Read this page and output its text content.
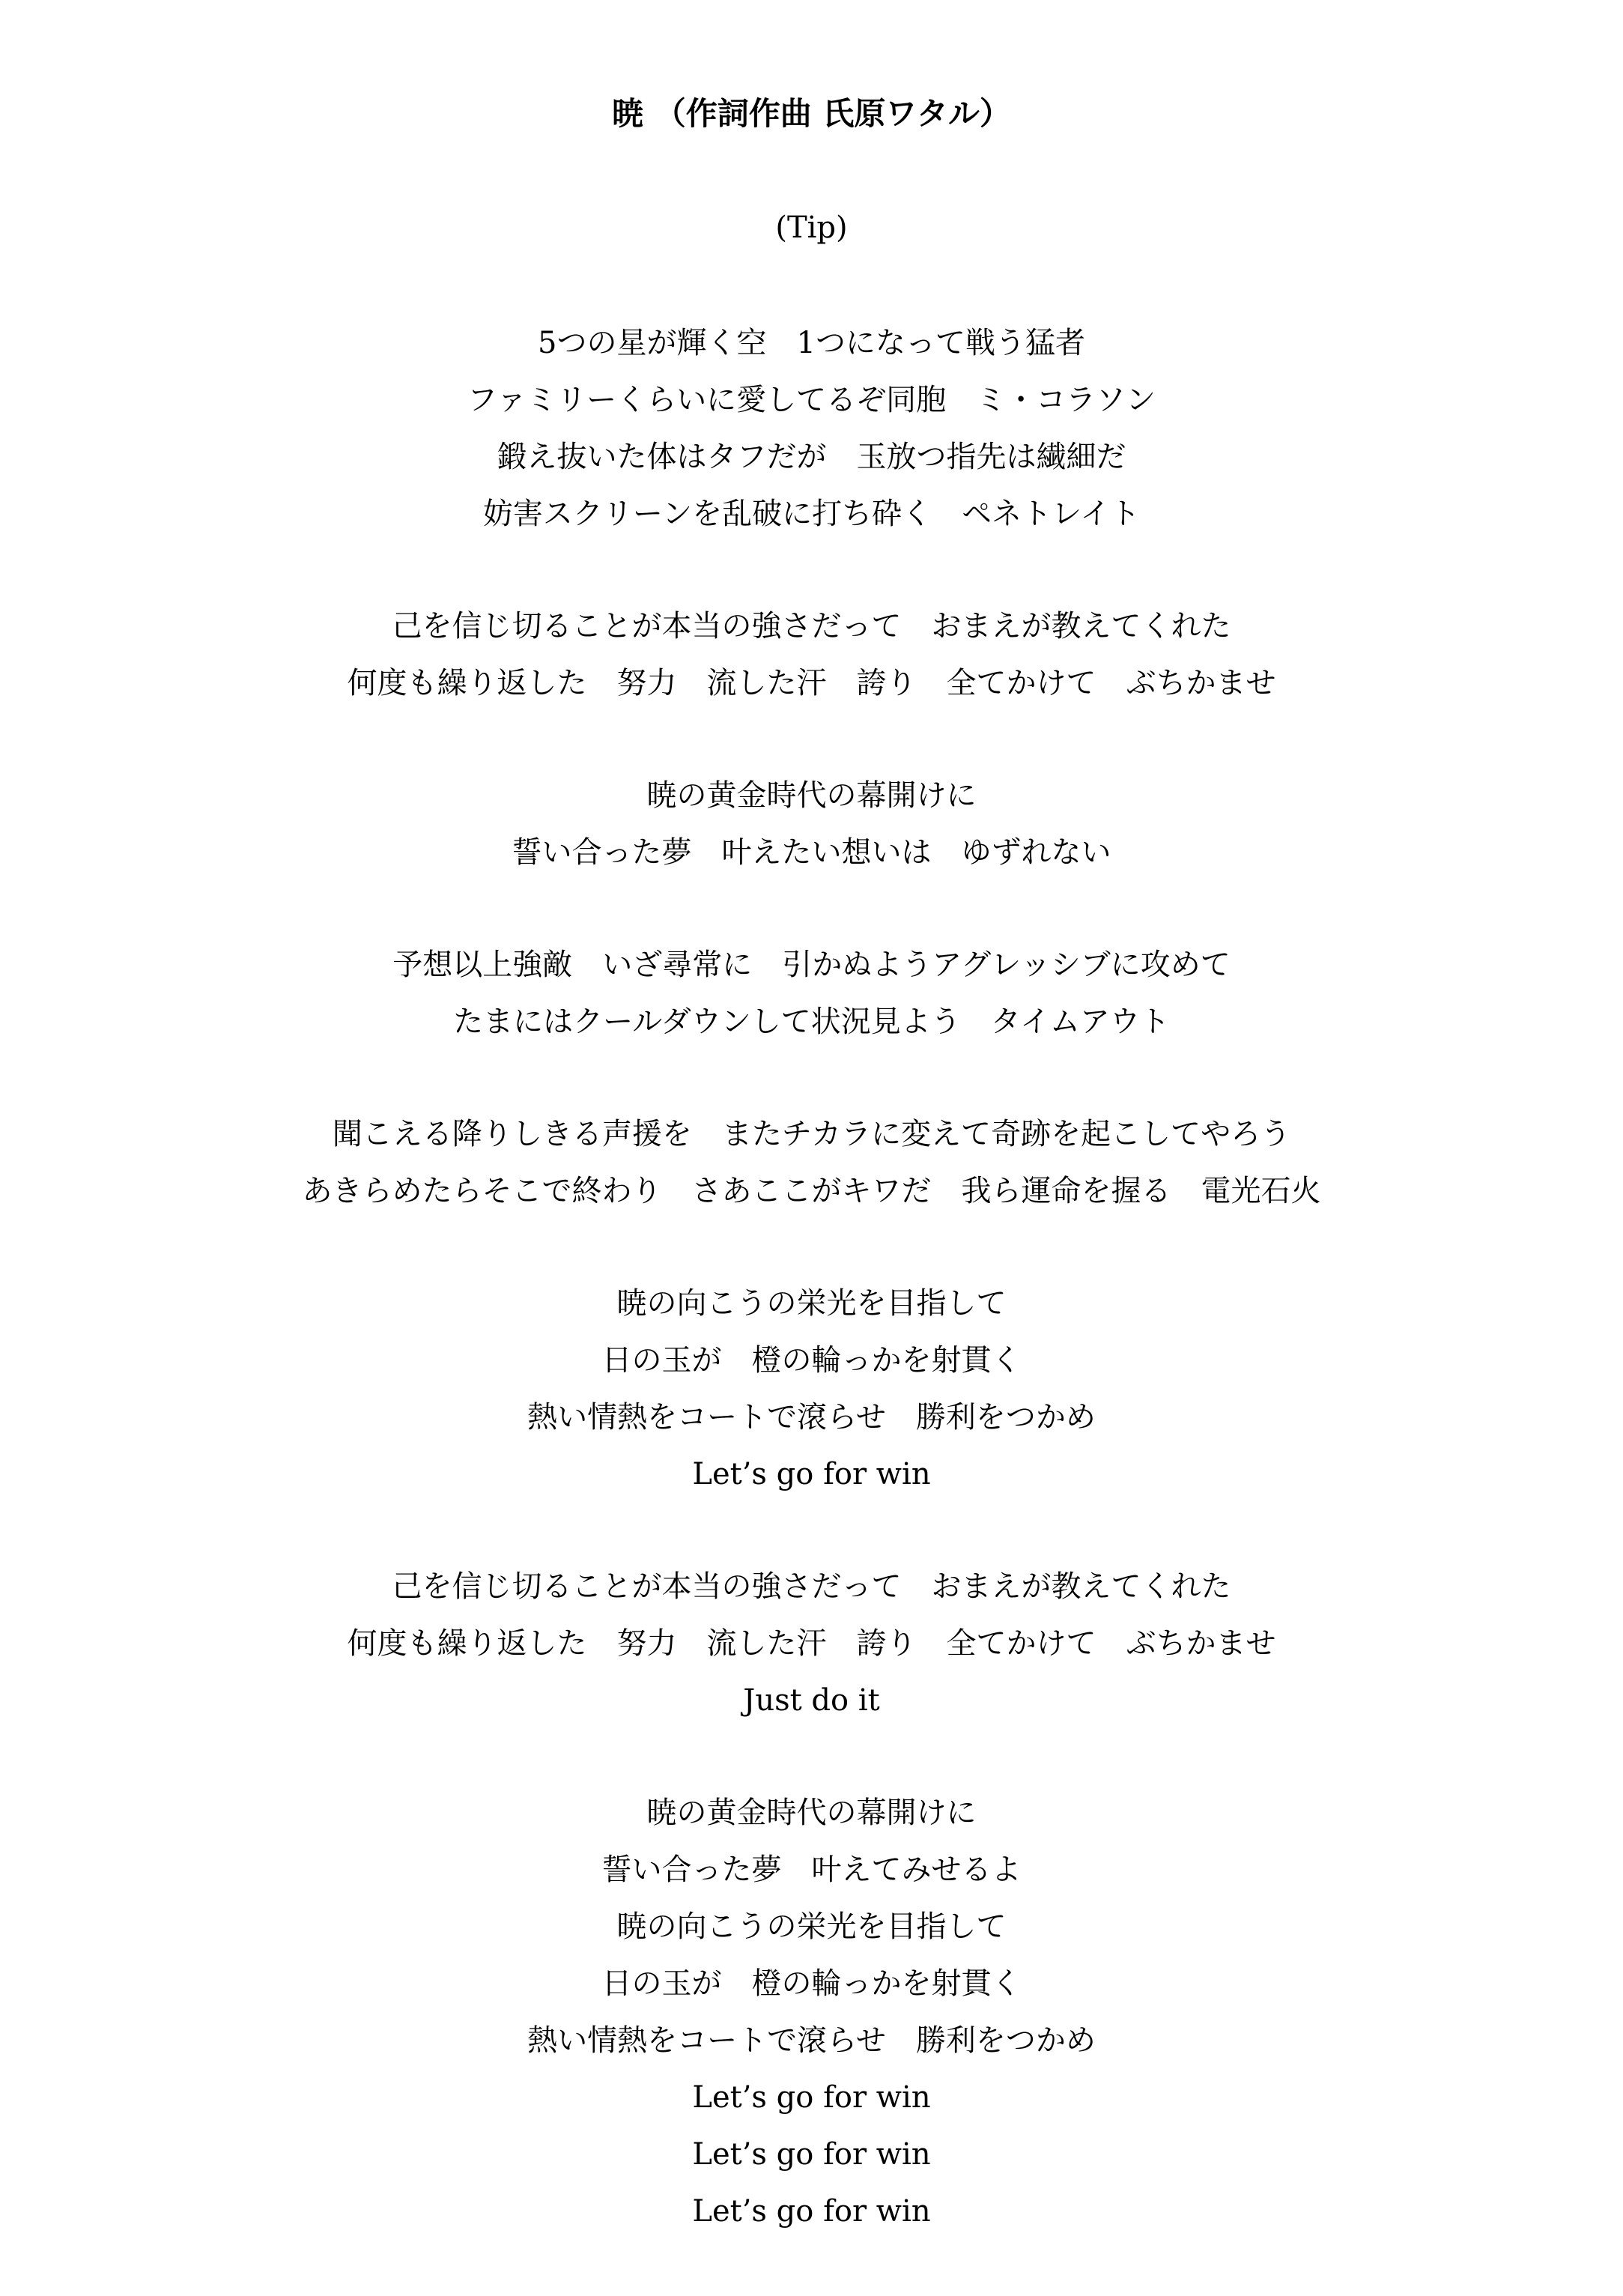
暁 （作詞作曲 氏原ワタル）
(Tip)
5つの星が輝く空　1つになって戦う猛者
ファミリーくらいに愛してるぞ同胞　ミ・コラソン
鍛え抜いた体はタフだが　玉放つ指先は繊細だ
妨害スクリーンを乱破に打ち砕く　ペネトレイト
己を信じ切ることが本当の強さだって　おまえが教えてくれた
何度も繰り返した　努力　流した汗　誇り　全てかけて　ぶちかませ
暁の黄金時代の幕開けに
誓い合った夢　叶えたい想いは　ゆずれない
予想以上強敵　いざ尋常に　引かぬようアグレッシブに攻めて
たまにはクールダウンして状況見よう　タイムアウト
聞こえる降りしきる声援を　またチカラに変えて奇跡を起こしてやろう
あきらめたらそこで終わり　さあここがキワだ　我ら運命を握る　電光石火
暁の向こうの栄光を目指して
日の玉が　橙の輪っかを射貫く
熱い情熱をコートで滾らせ　勝利をつかめ
Let’s go for win
己を信じ切ることが本当の強さだって　おまえが教えてくれた
何度も繰り返した　努力　流した汗　誇り　全てかけて　ぶちかませ
Just do it
暁の黄金時代の幕開けに
誓い合った夢　叶えてみせるよ
暁の向こうの栄光を目指して
日の玉が　橙の輪っかを射貫く
熱い情熱をコートで滾らせ　勝利をつかめ
Let’s go for win
Let’s go for win
Let’s go for win
